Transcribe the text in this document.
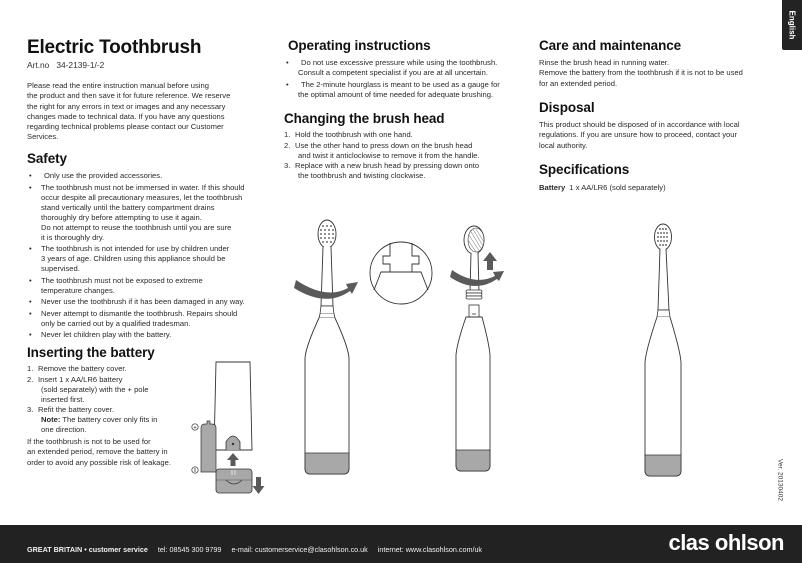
English
Electric Toothbrush
Art.no   34-2139-1/-2
Please read the entire instruction manual before using
the product and then save it for future reference. We reserve
the right for any errors in text or images and any necessary
changes made to technical data. If you have any questions
regarding technical problems please contact our Customer
Services.
Safety
• Only use the provided accessories.
• The toothbrush must not be immersed in water. If this should
occur despite all precautionary measures, let the toothbrush
stand vertically until the battery compartment drains
thoroughly dry before attempting to use it again.
Do not attempt to reuse the toothbrush until you are sure
it is thoroughly dry.
• The toothbrush is not intended for use by children under
3 years of age. Children using this appliance should be
supervised.
• The toothbrush must not be exposed to extreme
temperature changes.
• Never use the toothbrush if it has been damaged in any way.
• Never attempt to dismantle the toothbrush. Repairs should
only be carried out by a qualified tradesman.
• Never let children play with the battery.
Inserting the battery
1. Remove the battery cover.
2. Insert 1 x AA/LR6 battery
(sold separately) with the + pole
inserted first.
3. Refit the battery cover.
Note: The battery cover only fits in
one direction.
If the toothbrush is not to be used for
an extended period, remove the battery in
order to avoid any possible risk of leakage.
+
Operating instructions
• Do not use excessive pressure while using the toothbrush.
Consult a competent specialist if you are at all uncertain.
• The 2-minute hourglass is meant to be used as a gauge for
the optimal amount of time needed for adequate brushing.
Changing the brush head
1. Hold the toothbrush with one hand.
2. Use the other hand to press down on the brush head
and twist it anticlockwise to remove it from the handle.
3. Replace with a new brush head by pressing down onto
the toothbrush and twisting clockwise.
Care and maintenance
Rinse the brush head in running water.
Remove the battery from the toothbrush if it is not to be used
for an extended period.
Disposal
This product should be disposed of in accordance with local
regulations. If you are unsure how to proceed, contact your
local authority.
Specifications
Battery  1 x AA/LR6 (sold separately)
Ver. 20130402
GREAT BRITAIN • customer service tel: 08545 300 9799 e-mail: customerservice@clasohlson.co.uk internet: www.clasohlson.com/uk	clas ohlson
